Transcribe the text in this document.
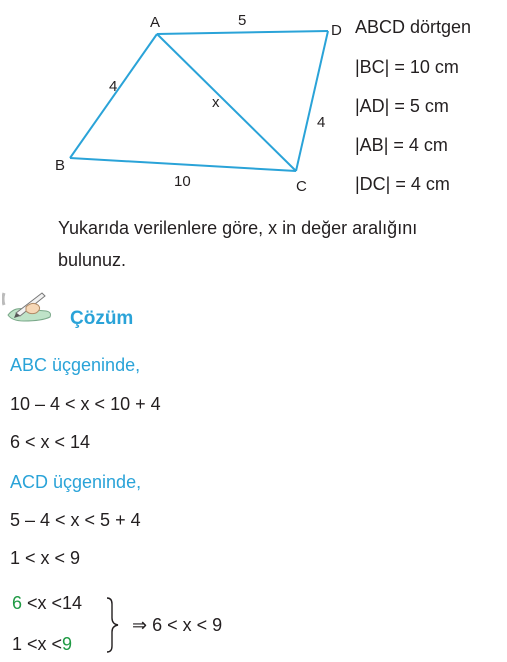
A
B
C
D
5
4
10
4
x
ABCD dörtgen
|BC| = 10 cm
|AD| = 5 cm
|AB| = 4 cm
|DC| = 4 cm
Yukarıda verilenlere göre, x in değer aralığını
bulunuz.
Çözüm
ABC üçgeninde,
10 – 4 < x < 10 + 4
6 < x < 14
ACD üçgeninde,
5 – 4 < x < 5 + 4
1 < x < 9
6 <x <14
1 <x <9
⇒ 6 < x < 9
